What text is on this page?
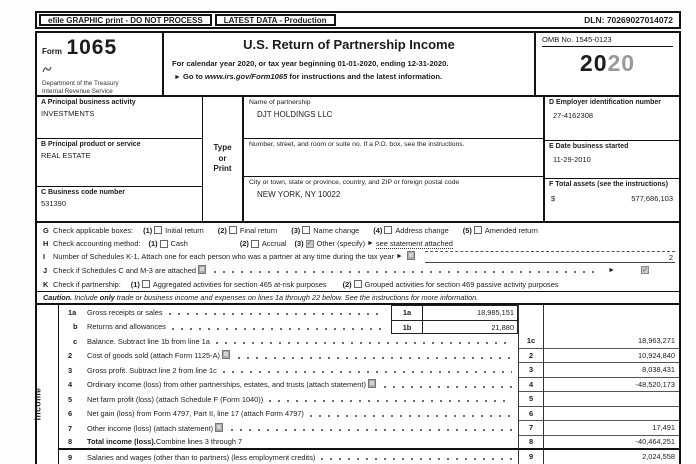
efile GRAPHIC print - DO NOT PROCESS	LATEST DATA - Production	DLN: 70269027014072
Form 1065
Department of the Treasury
Internal Revenue Service
U.S. Return of Partnership Income
For calendar year 2020, or tax year beginning 01-01-2020, ending 12-31-2020.
► Go to www.irs.gov/Form1065 for instructions and the latest information.
OMB No. 1545-0123
2020
A Principal business activity
INVESTMENTS
B Principal product or service
REAL ESTATE
C Business code number
531390
Type
or
Print
Name of partnership
DJT HOLDINGS LLC
Number, street, and room or suite no. If a P.O. box, see the instructions.
City or town, state or province, country, and ZIP or foreign postal code
NEW YORK, NY 10022
D Employer identification number
27-4162308
E Date business started
11-29-2010
F Total assets (see the instructions)
$	577,686,103
G Check applicable boxes: (1) Initial return (2) Final return (3) Name change (4) Address change (5) Amended return
H Check accounting method: (1) Cash	(2) Accrual (3) ✓ Other (specify) ► see statement attached
I	Number of Schedules K-1. Attach one for each person who was a partner at any time during the tax year ►	2
J Check if Schedules C and M-3 are attached	►	✓
K Check if partnership: (1) Aggregated activities for section 465 at-risk purposes (2) Grouped activities for section 469 passive activity purposes
Caution. Include only trade or business income and expenses on lines 1a through 22 below. See the instructions for more information.
Income
1a	Gross receipts or sales	1a	18,985,151
b	Returns and allowances	1b	21,880
c	Balance. Subtract line 1b from line 1a	1c	18,963,271
2	Cost of goods sold (attach Form 1125-A)	2	10,924,840
3	Gross profit. Subtract line 2 from line 1c	3	8,038,431
4	Ordinary income (loss) from other partnerships, estates, and trusts (attach statement)	4	-48,520,173
5	Net farm profit (loss) (attach Schedule F (Form 1040))	5
6	Net gain (loss) from Form 4797, Part II, line 17 (attach Form 4797)	6
7	Other income (loss) (attach statement)	7	17,491
8	Total income (loss). Combine lines 3 through 7	8	-40,464,251
9	Salaries and wages (other than to partners) (less employment credits)	9	2,024,558
